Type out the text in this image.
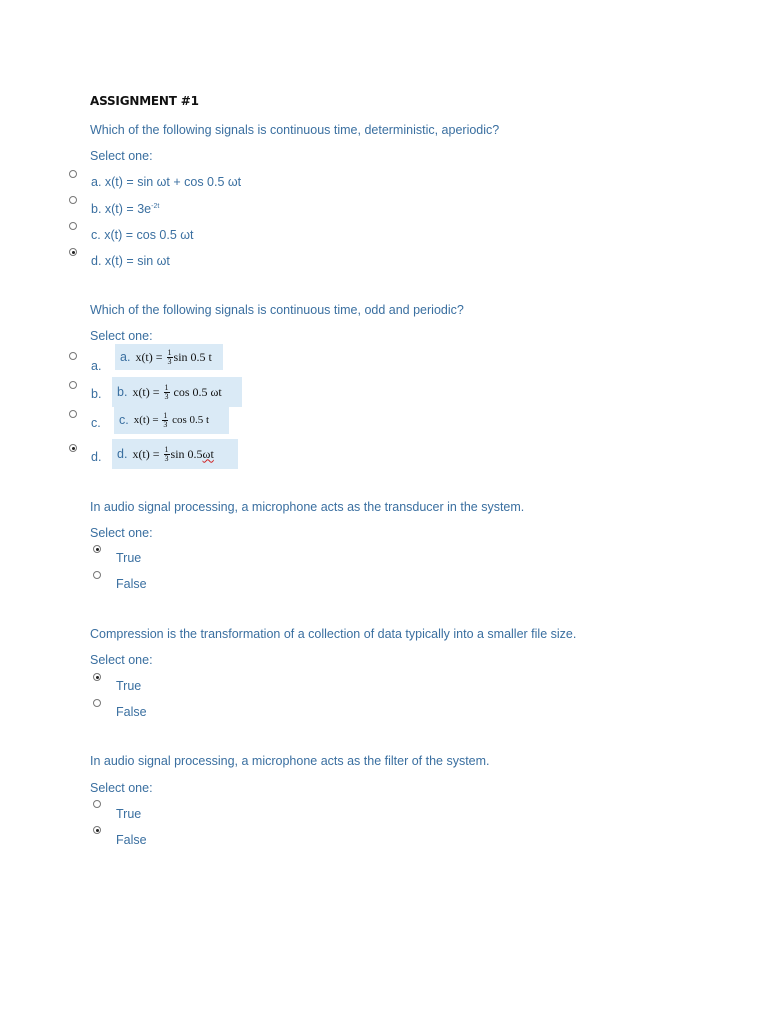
ASSIGNMENT #1
Which of the following signals is continuous time, deterministic, aperiodic?
Select one:
a. x(t) = sin ωt + cos 0.5 ωt
b. $x(t) = 3e^{-2t}$
c. x(t) = cos 0.5 ωt
d. x(t) = sin ωt
Which of the following signals is continuous time, odd and periodic?
Select one:
a.
a. x(t) =
$\frac{1}{3}$ sin 0.5 t
b. b. x(t) =
$\frac{1}{3}$
cos 0.5 ωt
c. c. x(t) =
$\frac{1}{3}$
cos 0.5 t
d. d. x(t) =
$\frac{1}{3}$ sin 0.5 ωt
In audio signal processing, a microphone acts as the transducer in the system.
Select one:
True
False
Compression is the transformation of a collection of data typically into a smaller file size.
Select one:
True
False
In audio signal processing, a microphone acts as the filter of the system.
Select one:
True
False
